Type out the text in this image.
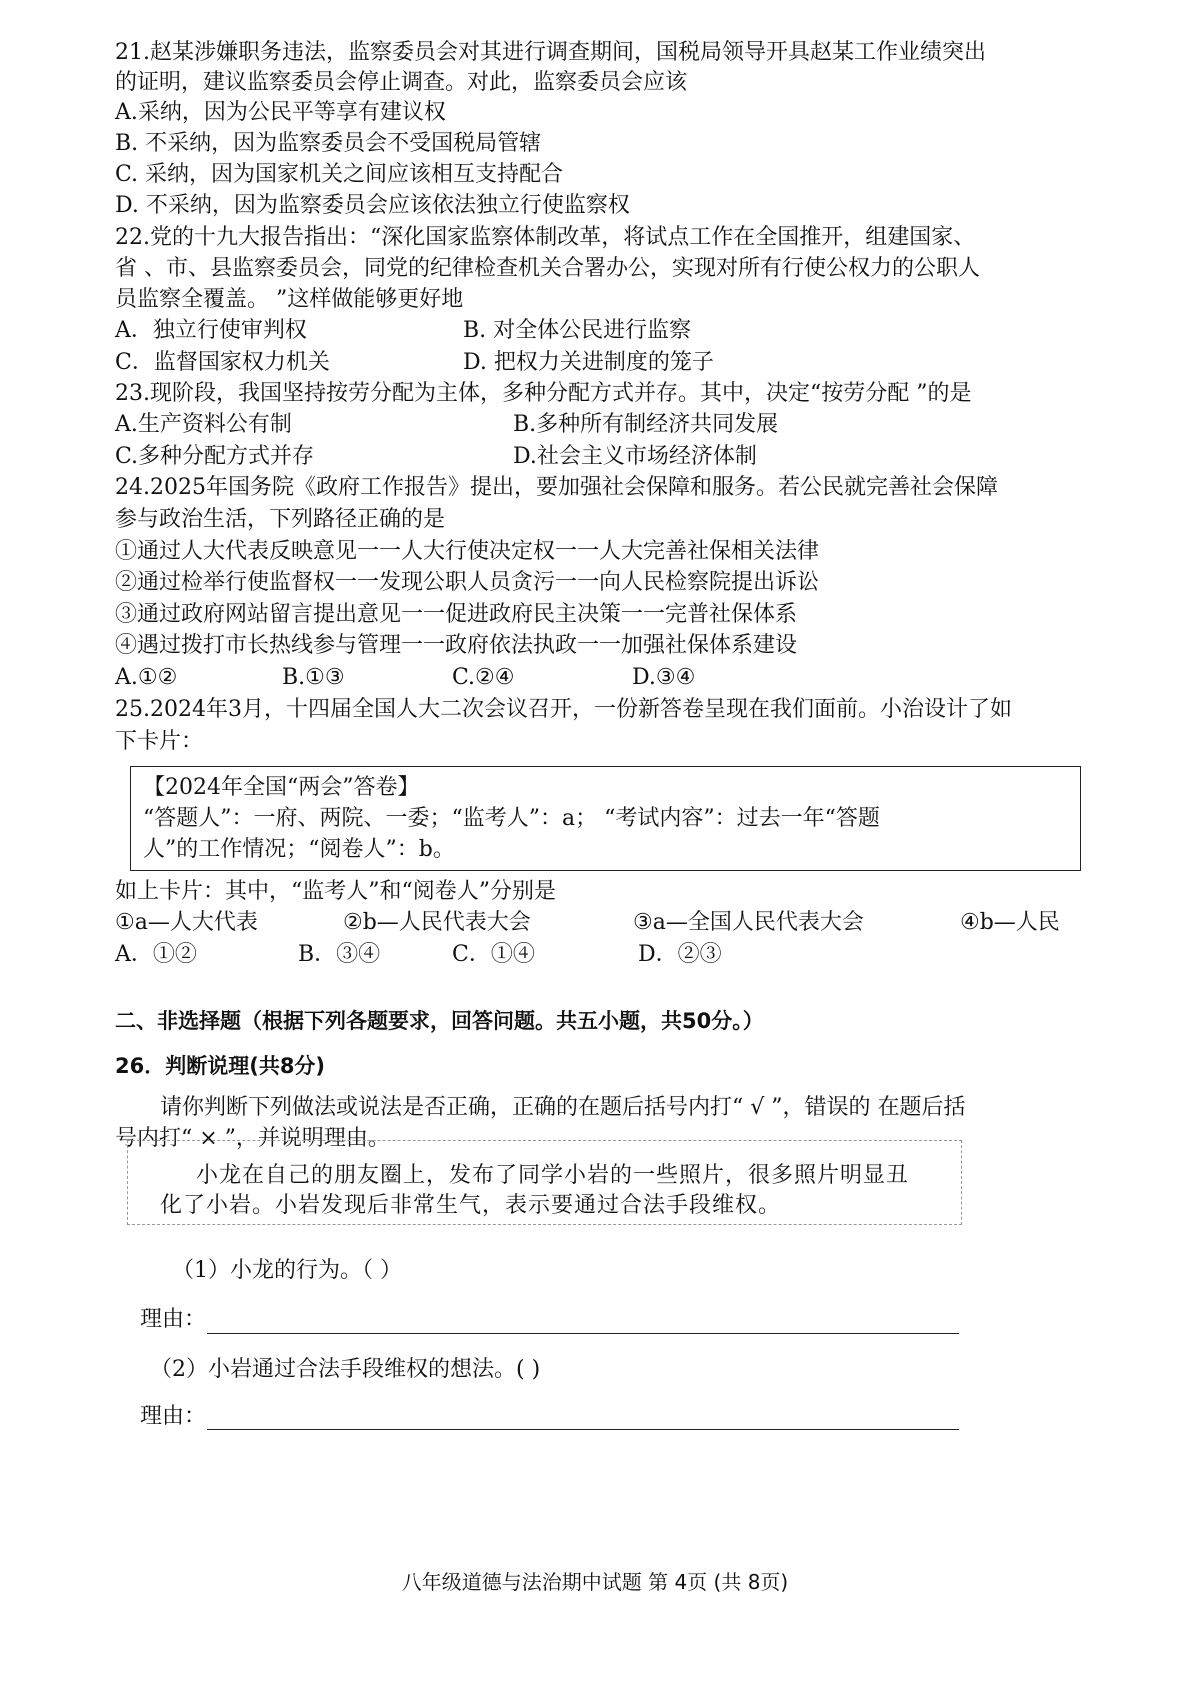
21.赵某涉嫌职务违法，监察委员会对其进行调查期间，国税局领导开具赵某工作业绩突出
的证明，建议监察委员会停止调查。对此，监察委员会应该
A.采纳，因为公民平等享有建议权
B. 不采纳，因为监察委员会不受国税局管辖
C. 采纳，因为国家机关之间应该相互支持配合
D. 不采纳，因为监察委员会应该依法独立行使监察权
22.党的十九大报告指出：“深化国家监察体制改革，将试点工作在全国推开，组建国家、
省 、市、县监察委员会，同党的纪律检查机关合署办公，实现对所有行使公权力的公职人
员监察全覆盖。 ”这样做能够更好地
A．独立行使审判权	B. 对全体公民进行监察
C．监督国家权力机关	D. 把权力关进制度的笼子
23.现阶段，我国坚持按劳分配为主体，多种分配方式并存。其中，决定“按劳分配 ”的是
A.生产资料公有制	B.多种所有制经济共同发展
C.多种分配方式并存	D.社会主义市场经济体制
24.2025年国务院《政府工作报告》提出，要加强社会保障和服务。若公民就完善社会保障
参与政治生活，下列路径正确的是
①通过人大代表反映意见一一人大行使决定权一一人大完善社保相关法律
②通过检举行使监督权一一发现公职人员贪污一一向人民检察院提出诉讼
③通过政府网站留言提出意见一一促进政府民主决策一一完普社保体系
④遇过拨打市长热线参与管理一一政府依法执政一一加强社保体系建设
A.①②	B.①③	C.②④	D.③④
25.2024年3月，十四届全国人大二次会议召开，一份新答卷呈现在我们面前。小治设计了如
下卡片：
【2024年全国“两会”答卷】
“答题人”：一府、两院、一委；“监考人”：a； “考试内容”：过去一年“答题
人”的工作情况；“阅卷人”：b。
如上卡片：其中，“监考人”和“阅卷人”分别是
①a—人大代表	②b—人民代表大会	③a—全国人民代表大会	④b—人民
A．①②	B．③④	C．①④	D．②③
二、非选择题（根据下列各题要求，回答问题。共五小题，共50分。）
26．判断说理(共8分)
请你判断下列做法或说法是否正确，正确的在题后括号内打“ √ ”，错误的 在题后括
号内打“ × ”，并说明理由。
小龙在自己的朋友圈上，发布了同学小岩的一些照片，很多照片明显丑
化了小岩。小岩发现后非常生气，表示要通过合法手段维权。
（1）小龙的行为。（ ）
理由：
（2）小岩通过合法手段维权的想法。( )
理由：
八年级道德与法治期中试题 第 4页 (共 8页)
